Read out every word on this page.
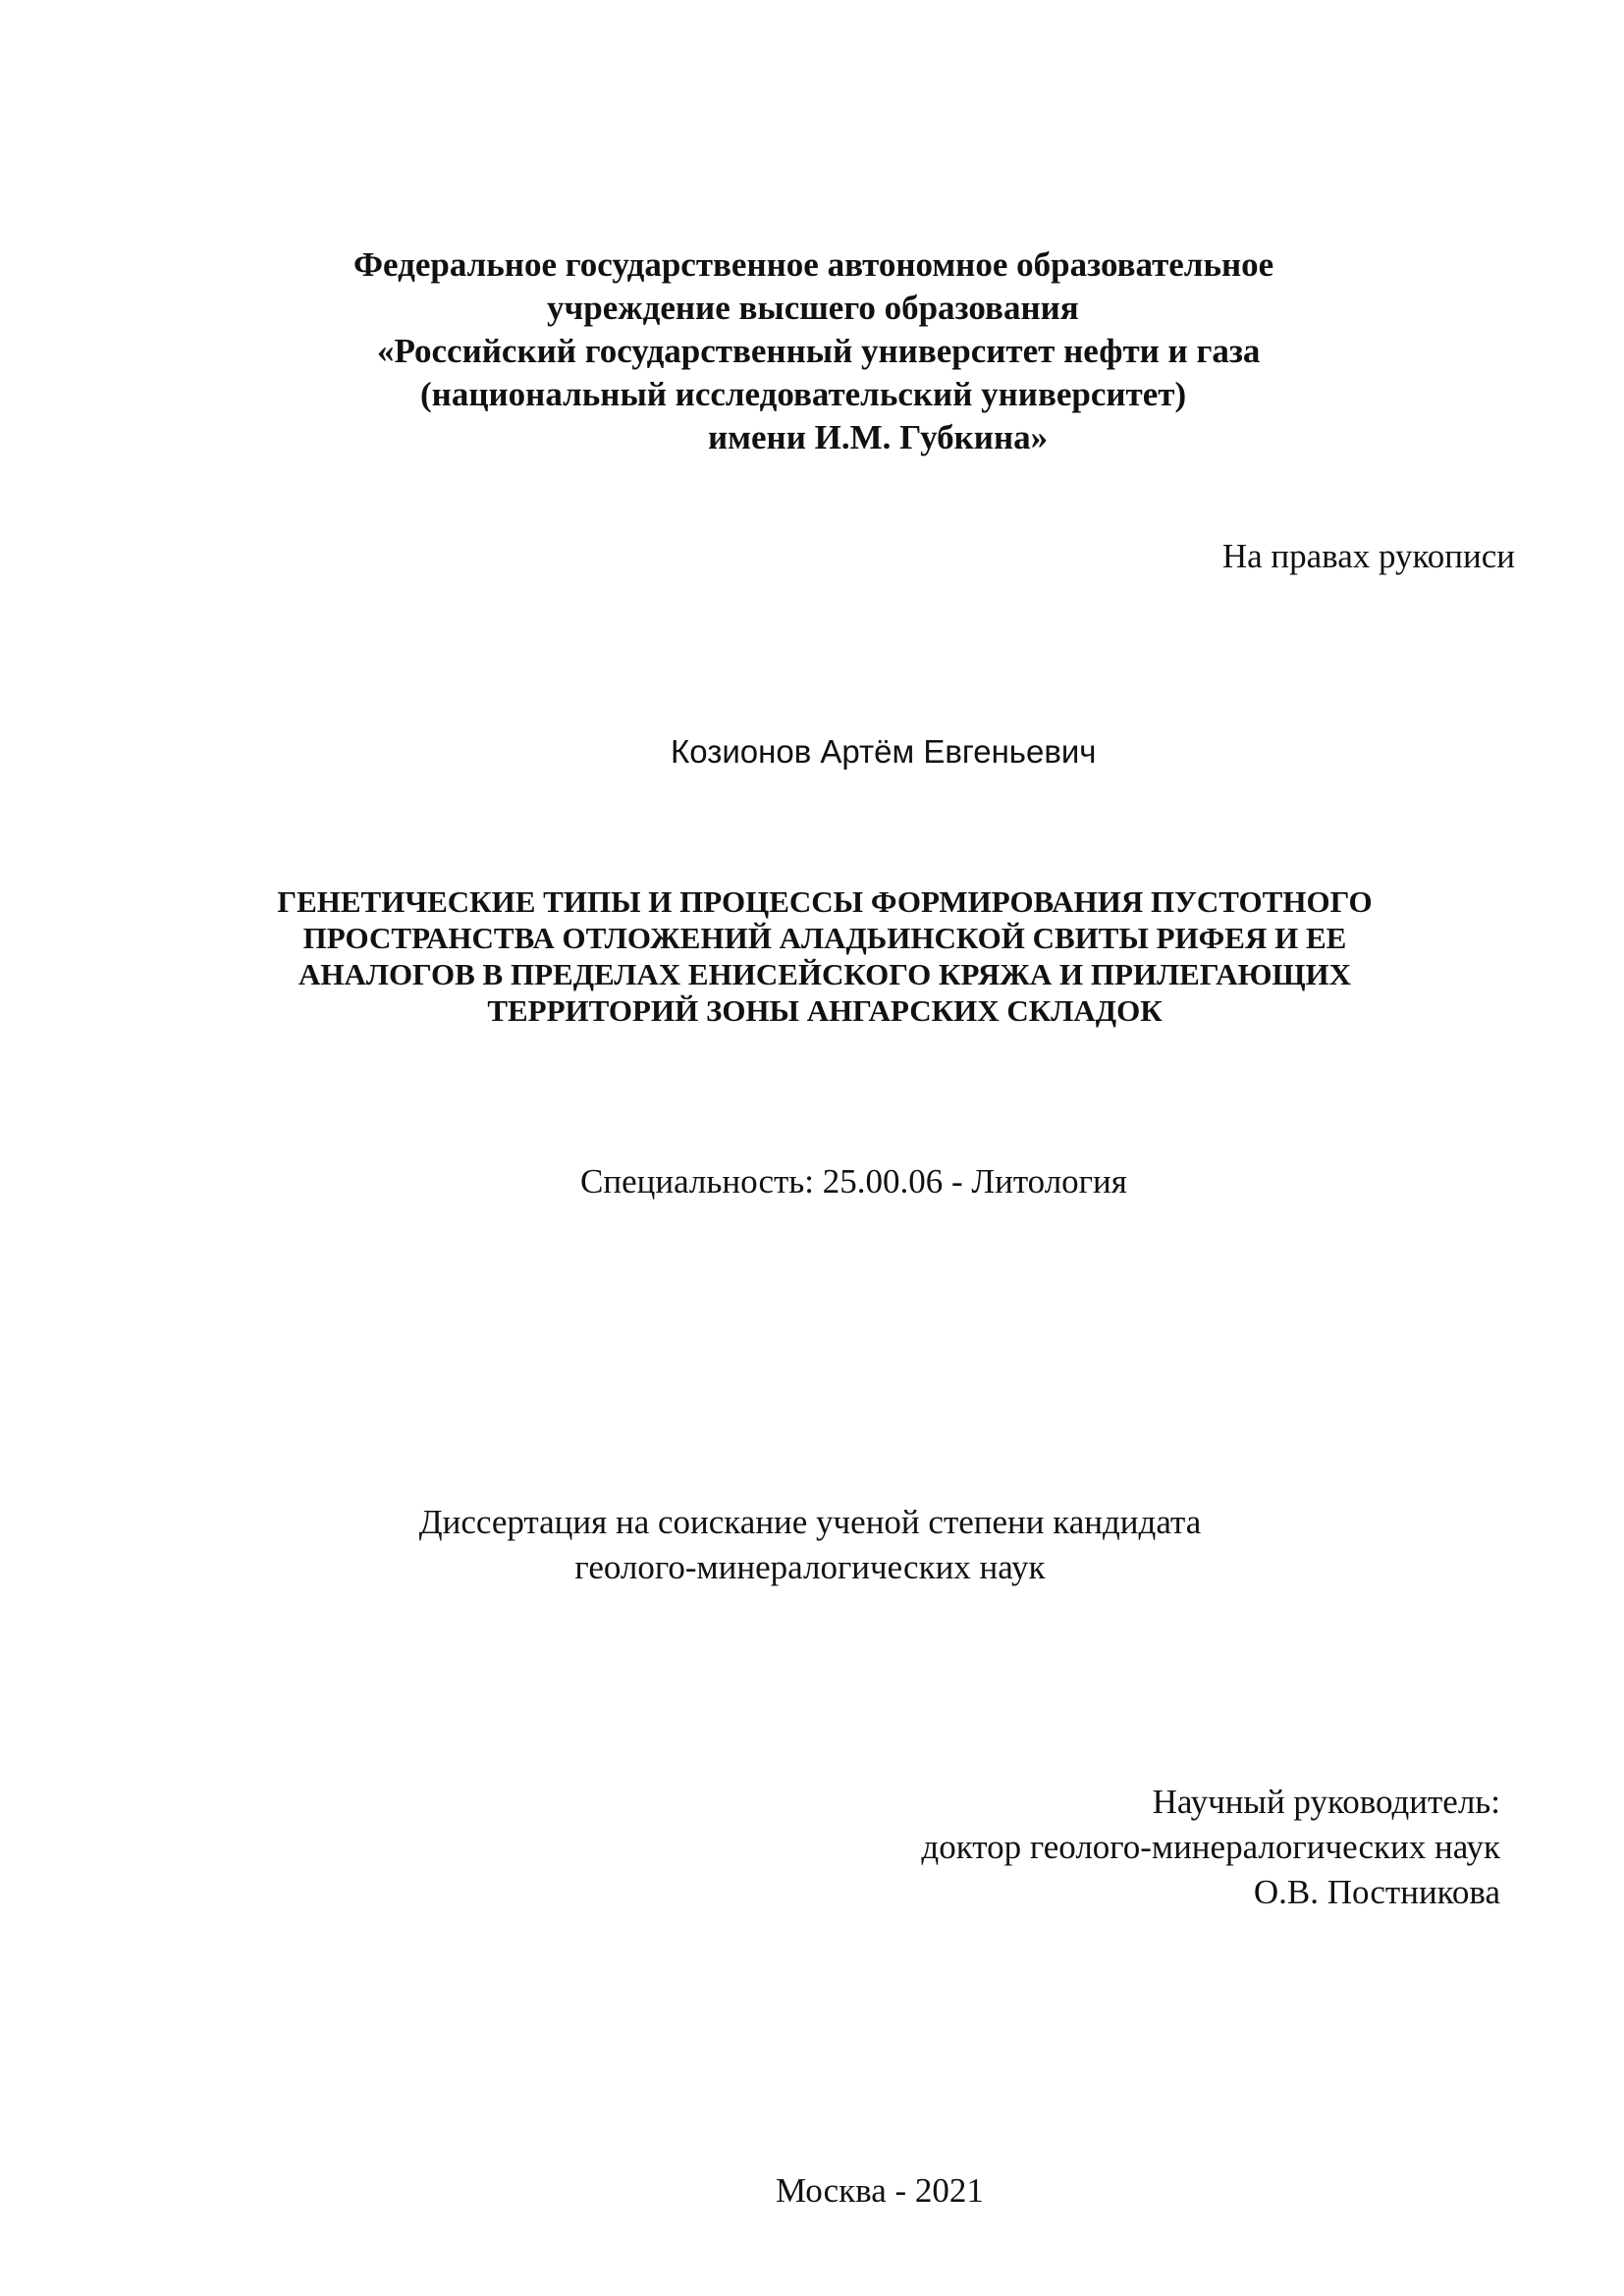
Федеральное государственное автономное образовательное
учреждение высшего образования
«Российский государственный университет нефти и газа
(национальный исследовательский университет)
имени И.М. Губкина»
На правах рукописи
Козионов Артём Евгеньевич
ГЕНЕТИЧЕСКИЕ ТИПЫ И ПРОЦЕССЫ ФОРМИРОВАНИЯ ПУСТОТНОГО
ПРОСТРАНСТВА ОТЛОЖЕНИЙ АЛАДЬИНСКОЙ СВИТЫ РИФЕЯ И ЕЕ
АНАЛОГОВ В ПРЕДЕЛАХ ЕНИСЕЙСКОГО КРЯЖА И ПРИЛЕГАЮЩИХ
ТЕРРИТОРИЙ ЗОНЫ АНГАРСКИХ СКЛАДОК
Специальность: 25.00.06 - Литология
Диссертация на соискание ученой степени кандидата
геолого-минералогических наук
Научный руководитель:
доктор геолого-минералогических наук
О.В. Постникова
Москва - 2021
